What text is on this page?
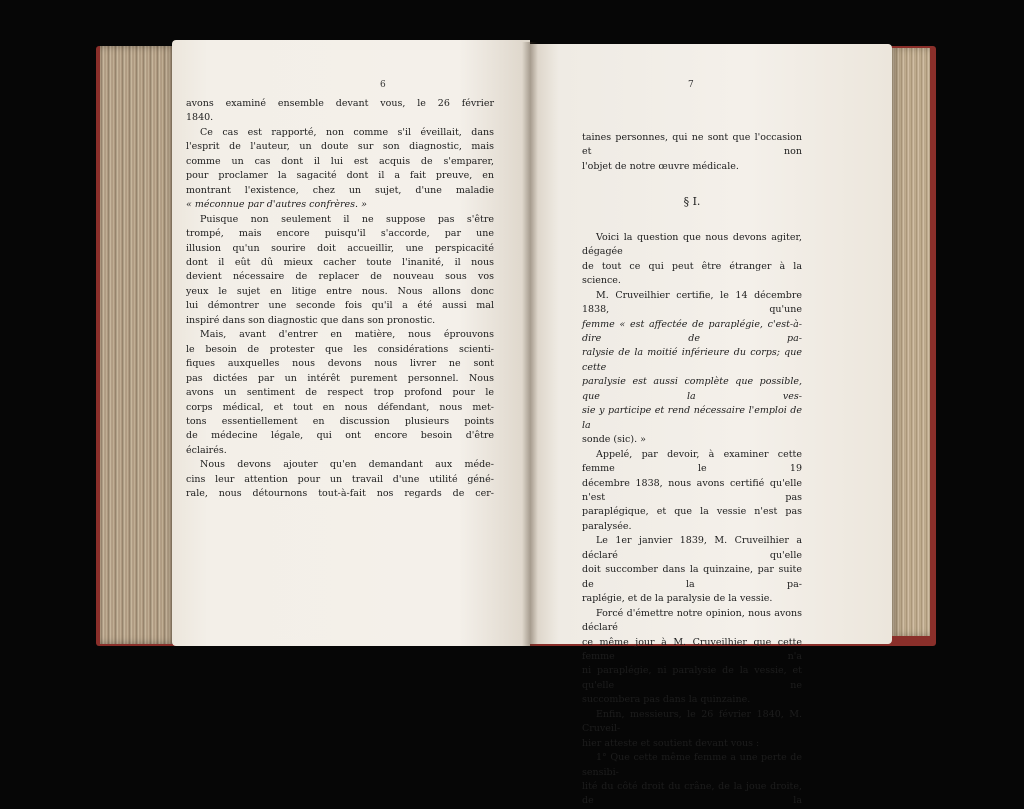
6	7

avons examiné ensemble devant vous, le 26 février

1840.

Ce cas est rapporté, non comme s'il éveillait, dans

l'esprit de l'auteur, un doute sur son diagnostic, mais

comme un cas dont il lui est acquis de s'emparer,

pour proclamer la sagacité dont il a fait preuve, en

montrant l'existence, chez un sujet, d'une maladie

« méconnue par d'autres confrères. »

Puisque non seulement il ne suppose pas s'être

trompé, mais encore puisqu'il s'accorde, par une

illusion qu'un sourire doit accueillir, une perspicacité

dont il eût dû mieux cacher toute l'inanité, il nous

devient nécessaire de replacer de nouveau sous vos

yeux le sujet en litige entre nous. Nous allons donc

lui démontrer une seconde fois qu'il a été aussi mal

inspiré dans son diagnostic que dans son pronostic.

Mais, avant d'entrer en matière, nous éprouvons

le besoin de protester que les considérations scienti-

fiques auxquelles nous devons nous livrer ne sont

pas dictées par un intérêt purement personnel. Nous

avons un sentiment de respect trop profond pour le

corps médical, et tout en nous défendant, nous met-

tons essentiellement en discussion plusieurs points

de médecine légale, qui ont encore besoin d'être

éclairés.

Nous devons ajouter qu'en demandant aux méde-

cins leur attention pour un travail d'une utilité géné-

rale, nous détournons tout-à-fait nos regards de cer-

taines personnes, qui ne sont que l'occasion et non

l'objet de notre œuvre médicale.

§ I.

Voici la question que nous devons agiter, dégagée

de tout ce qui peut être étranger à la science.

M. Cruveilhier certifie, le 14 décembre 1838, qu'une

femme « est affectée de paraplégie, c'est-à-dire de pa-

ralysie de la moitié inférieure du corps; que cette

paralysie est aussi complète que possible, que la ves-

sie y participe et rend nécessaire l'emploi de la

sonde (sic). »

Appelé, par devoir, à examiner cette femme le 19

décembre 1838, nous avons certifié qu'elle n'est pas

paraplégique, et que la vessie n'est pas paralysée.

Le 1er janvier 1839, M. Cruveilhier a déclaré qu'elle

doit succomber dans la quinzaine, par suite de la pa-

raplégie, et de la paralysie de la vessie.

Forcé d'émettre notre opinion, nous avons déclaré

ce même jour à M. Cruveilhier que cette femme n'a

ni paraplégie, ni paralysie de la vessie, et qu'elle ne

succombera pas dans la quinzaine.

Enfin, messieurs, le 26 février 1840, M. Cruveil-

hier atteste et soutient devant vous :

1° Que cette même femme a une perte de sensibi-

lité du côté droit du crâne, de la joue droite, de la
